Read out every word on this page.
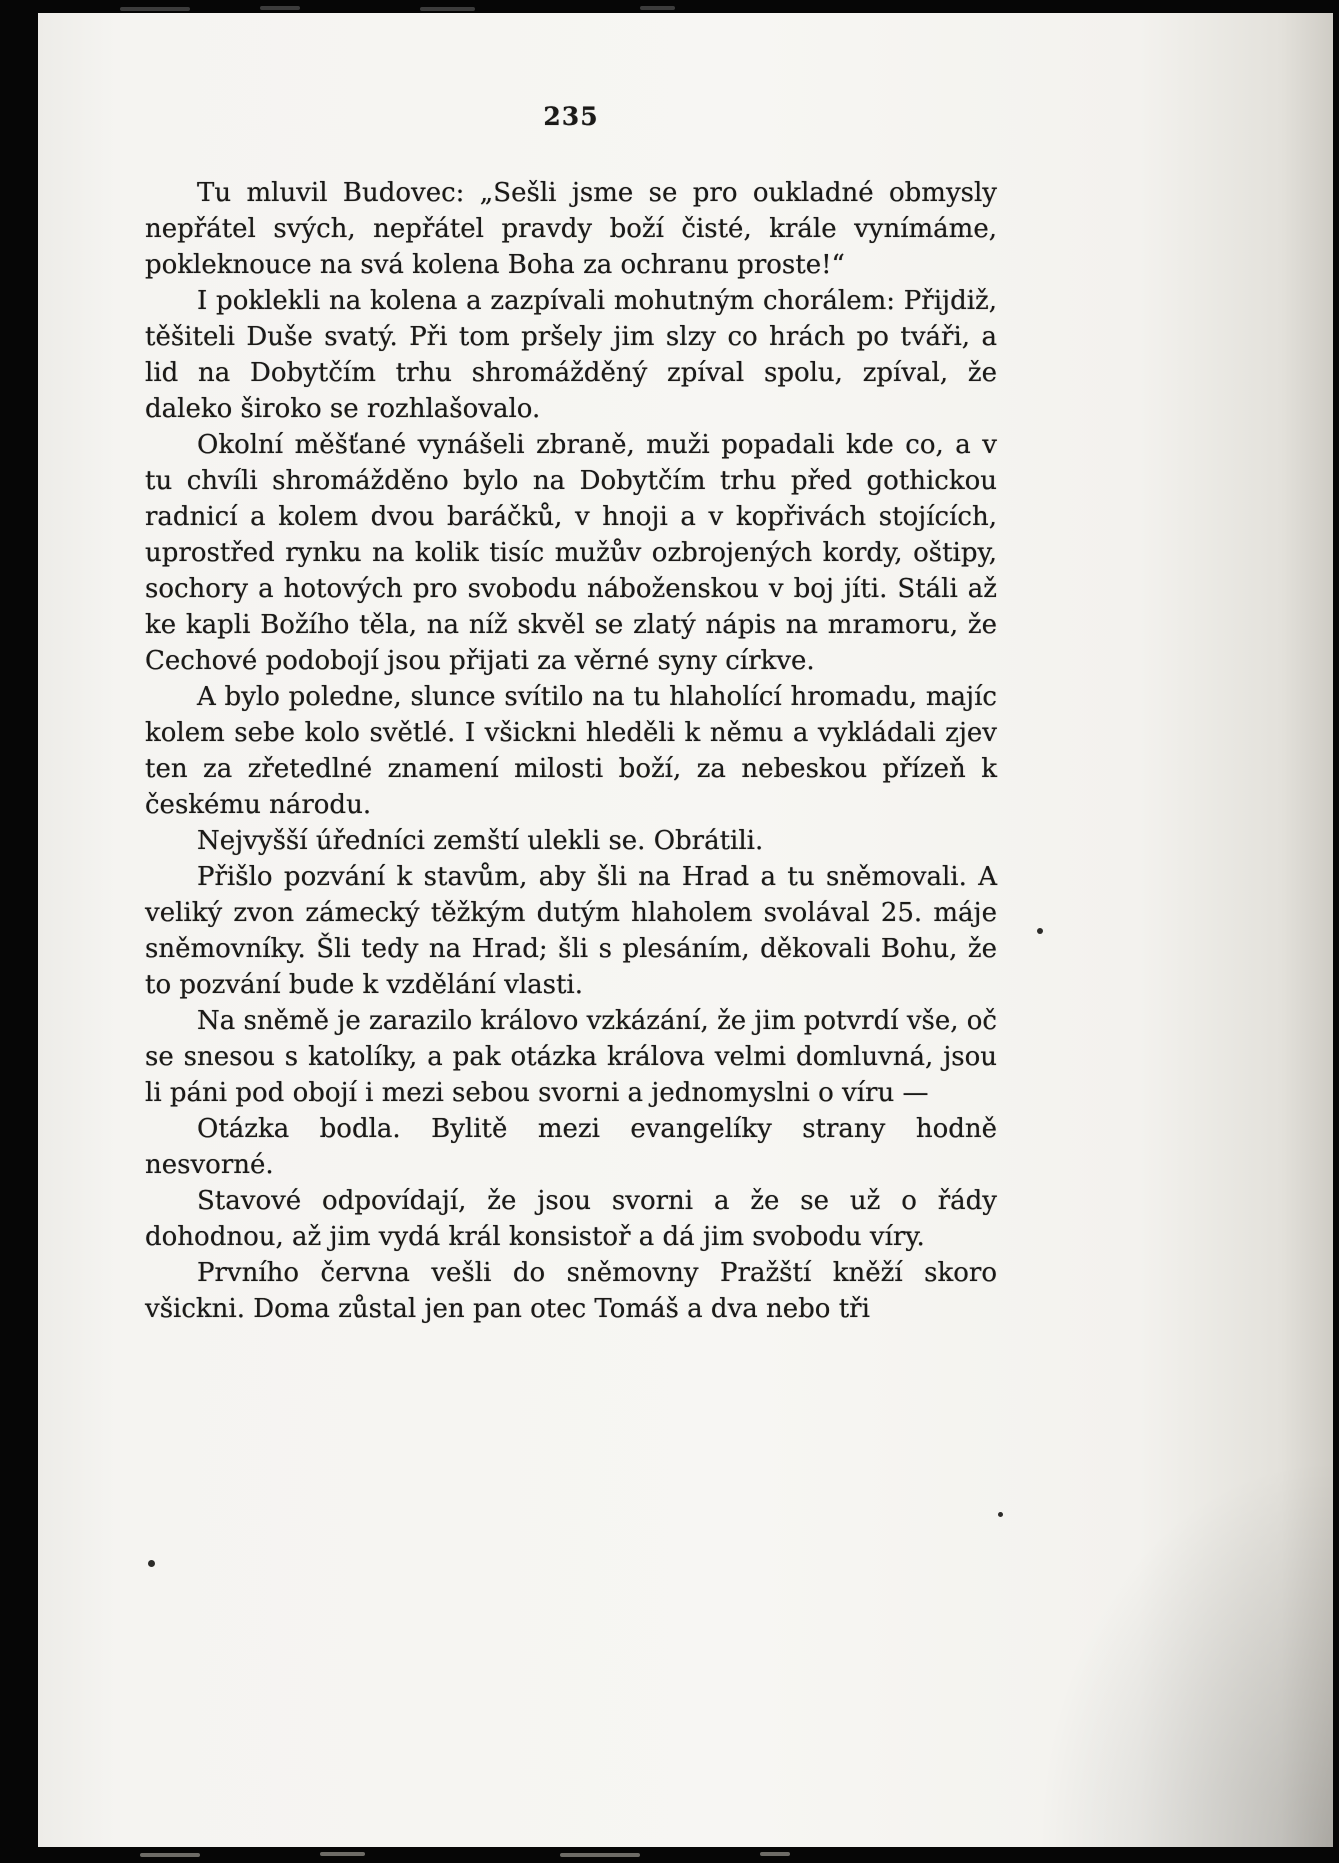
235

Tu mluvil Budovec: „Sešli jsme se pro oukladné obmysly nepřátel svých, nepřátel pravdy boží čisté, krále vynímáme, pokleknouce na svá kolena Boha za ochranu proste!“

I poklekli na kolena a zazpívali mohutným chorálem: Přijdiž, těšiteli Duše svatý. Při tom pršely jim slzy co hrách po tváři, a lid na Dobytčím trhu shromážděný zpíval spolu, zpíval, že daleko široko se rozhlašovalo.

Okolní měšťané vynášeli zbraně, muži popadali kde co, a v tu chvíli shromážděno bylo na Dobytčím trhu před gothickou radnicí a kolem dvou baráčků, v hnoji a v kopřivách stojících, uprostřed rynku na kolik tisíc mužův ozbrojených kordy, oštipy, sochory a hotových pro svobodu náboženskou v boj jíti. Stáli až ke kapli Božího těla, na níž skvěl se zlatý nápis na mramoru, že Cechové podobojí jsou přijati za věrné syny církve.

A bylo poledne, slunce svítilo na tu hlaholící hromadu, majíc kolem sebe kolo světlé. I všickni hleděli k němu a vykládali zjev ten za zřetedlné znamení milosti boží, za nebeskou přízeň k českému národu.

Nejvyšší úředníci zemští ulekli se. Obrátili.

Přišlo pozvání k stavům, aby šli na Hrad a tu sněmovali. A veliký zvon zámecký těžkým dutým hlaholem svolával 25. máje sněmovníky. Šli tedy na Hrad; šli s plesáním, děkovali Bohu, že to pozvání bude k vzdělání vlasti.

Na sněmě je zarazilo královo vzkázání, že jim potvrdí vše, oč se snesou s katolíky, a pak otázka králova velmi domluvná, jsou li páni pod obojí i mezi sebou svorni a jednomyslni o víru —

Otázka bodla. Bylitě mezi evangelíky strany hodně nesvorné.

Stavové odpovídají, že jsou svorni a že se už o řády dohodnou, až jim vydá král konsistoř a dá jim svobodu víry.

Prvního června vešli do sněmovny Pražští kněží skoro všickni. Doma zůstal jen pan otec Tomáš a dva nebo tři
